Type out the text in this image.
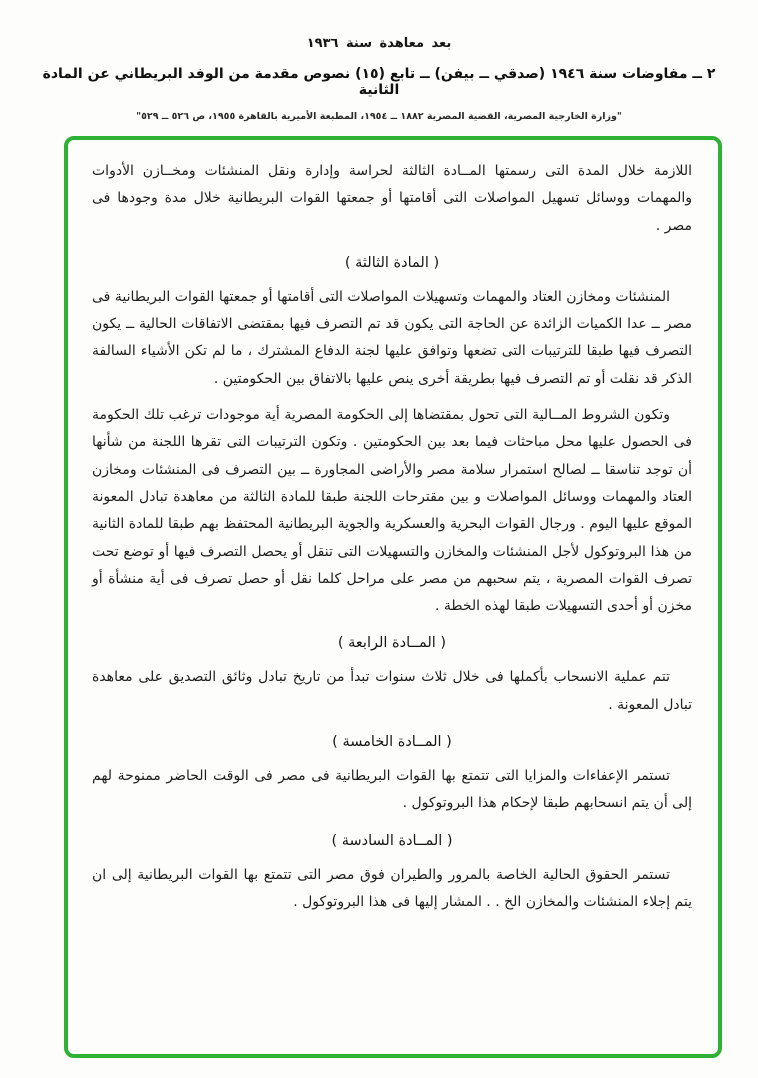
بعد معاهدة سنة ١٩٣٦
٢ ــ مفاوضات سنة ١٩٤٦ (صدقي ــ بيفن) ــ تابع (١٥) نصوص مقدمة من الوفد البريطاني عن المادة الثانية
"وزارة الخارجية المصرية، القضية المصرية ١٨٨٢ ــ ١٩٥٤، المطبعة الأميرية بالقاهرة ١٩٥٥، ص ٥٢٦ ــ ٥٢٩"

اللازمة خلال المدة التى رسمتها المــادة الثالثة لحراسة وإدارة ونقل المنشئات ومخــازن الأدوات والمهمات ووسائل تسهيل المواصلات التى أقامتها أو جمعتها القوات البريطانية خلال مدة وجودها فى مصر .

( المادة الثالثة )

المنشئات ومخازن العتاد والمهمات وتسهيلات المواصلات التى أقامتها أو جمعتها القوات البريطانية فى مصر ــ عدا الكميات الزائدة عن الحاجة التى يكون قد تم التصرف فيها بمقتضى الاتفاقات الحالية ــ يكون التصرف فيها طبقا للترتيبات التى تضعها وتوافق عليها لجنة الدفاع المشترك ، ما لم تكن الأشياء السالفة الذكر قد نقلت أو تم التصرف فيها بطريقة أخرى ينص عليها بالاتفاق بين الحكومتين .

وتكون الشروط المــالية التى تحول بمقتضاها إلى الحكومة المصرية أية موجودات ترغب تلك الحكومة فى الحصول عليها محل مباحثات فيما بعد بين الحكومتين . وتكون الترتيبات التى تقرها اللجنة من شأنها أن توجد تناسقا ــ لصالح استمرار سلامة مصر والأراضى المجاورة ــ بين التصرف فى المنشئات ومخازن العتاد والمهمات ووسائل المواصلات و بين مقترحات اللجنة طبقا للمادة الثالثة من معاهدة تبادل المعونة الموقع عليها اليوم . ورجال القوات البحرية والعسكرية والجوية البريطانية المحتفظ بهم طبقا للمادة الثانية من هذا البروتوكول لأجل المنشئات والمخازن والتسهيلات التى تنقل أو يحصل التصرف فيها أو توضع تحت تصرف القوات المصرية ، يتم سحبهم من مصر على مراحل كلما نقل أو حصل تصرف فى أية منشأة أو مخزن أو أحدى التسهيلات طبقا لهذه الخطة .

( المــادة الرابعة )

تتم عملية الانسحاب بأكملها فى خلال ثلاث سنوات تبدأ من تاريخ تبادل وثائق التصديق على معاهدة تبادل المعونة .

( المــادة الخامسة )

تستمر الإعفاءات والمزايا التى تتمتع بها القوات البريطانية فى مصر فى الوقت الحاضر ممنوحة لهم إلى أن يتم انسحابهم طبقا لإحكام هذا البروتوكول .

( المــادة السادسة )

تستمر الحقوق الحالية الخاصة بالمرور والطيران فوق مصر التى تتمتع بها القوات البريطانية إلى ان يتم إجلاء المنشئات والمخازن الخ . . المشار إليها فى هذا البروتوكول .
